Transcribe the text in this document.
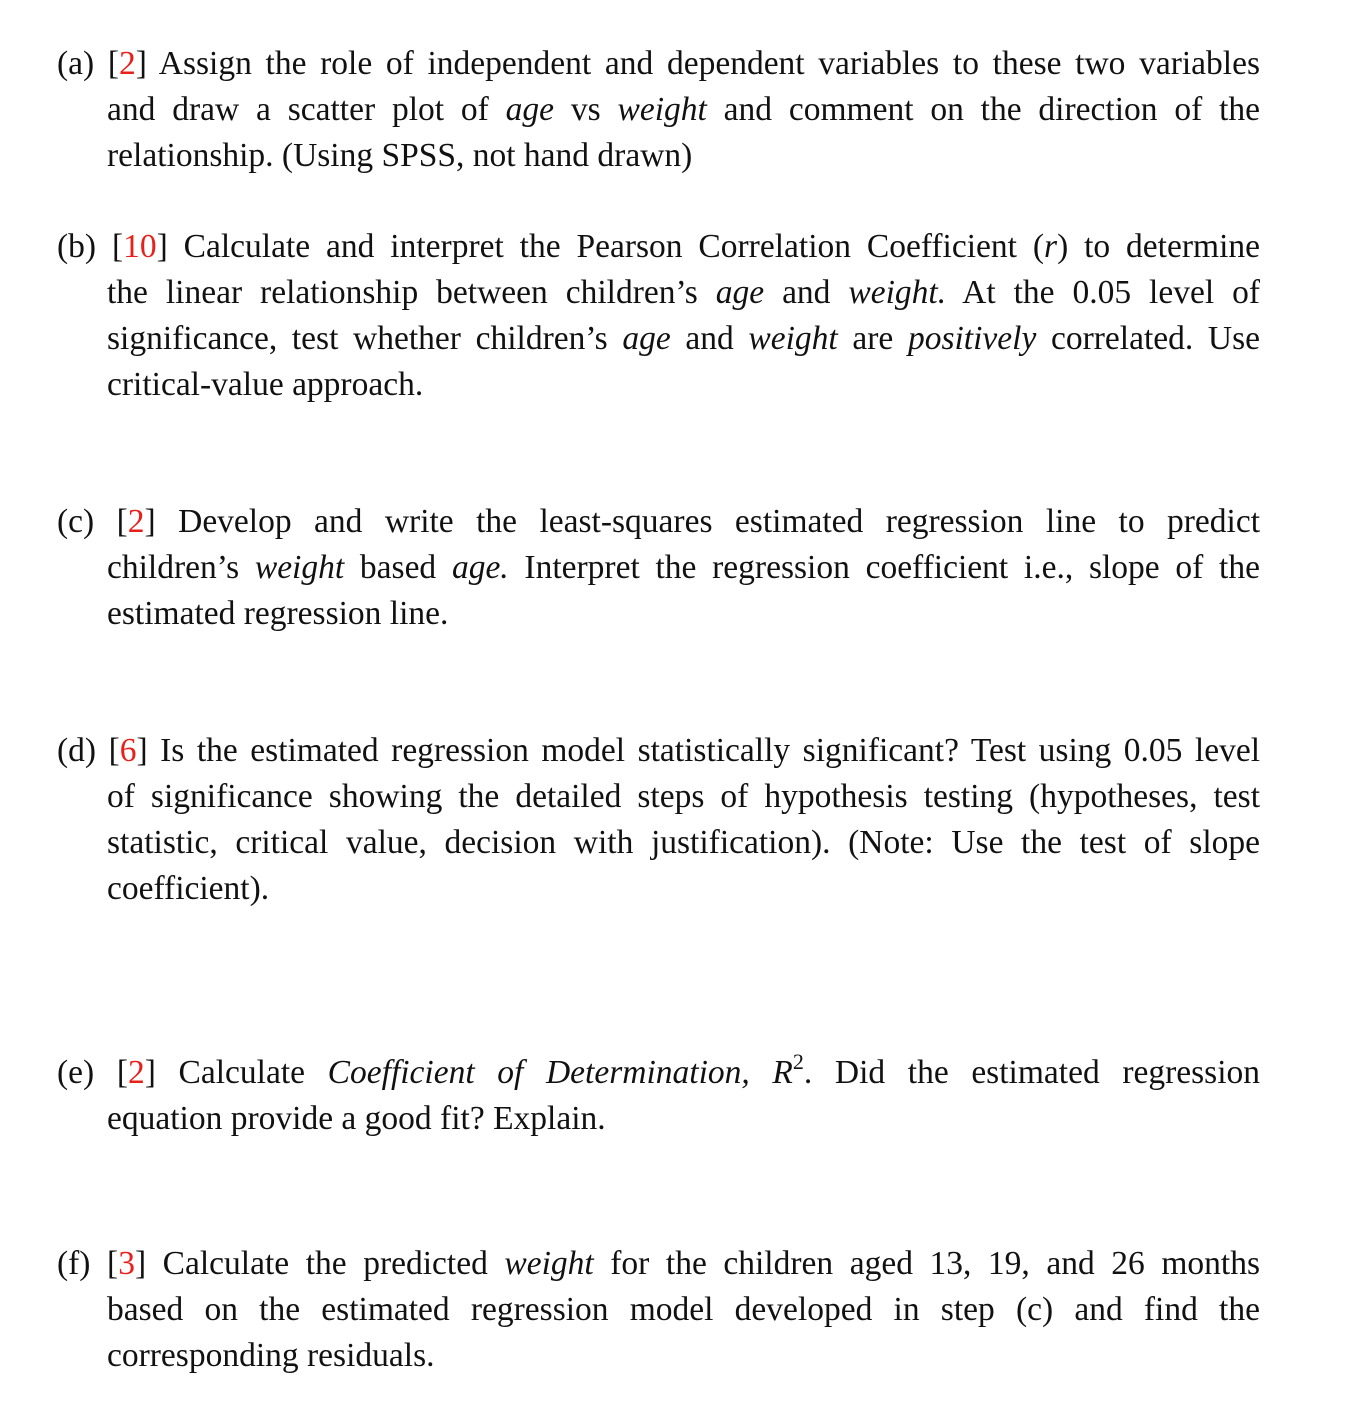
(a) [2] Assign the role of independent and dependent variables to these two variables
and draw a scatter plot of age vs weight and comment on the direction of the
relationship. (Using SPSS, not hand drawn)
(b) [10] Calculate and interpret the Pearson Correlation Coefficient (r) to determine
the linear relationship between children’s age and weight. At the 0.05 level of
significance, test whether children’s age and weight are positively correlated. Use
critical-value approach.
(c) [2] Develop and write the least-squares estimated regression line to predict
children’s weight based age. Interpret the regression coefficient i.e., slope of the
estimated regression line.
(d) [6] Is the estimated regression model statistically significant? Test using 0.05 level
of significance showing the detailed steps of hypothesis testing (hypotheses, test
statistic, critical value, decision with justification). (Note: Use the test of slope
coefficient).
(e) [2] Calculate Coefficient of Determination, $R^2$. Did the estimated regression
equation provide a good fit? Explain.
(f) [3] Calculate the predicted weight for the children aged 13, 19, and 26 months
based on the estimated regression model developed in step (c) and find the
corresponding residuals.
